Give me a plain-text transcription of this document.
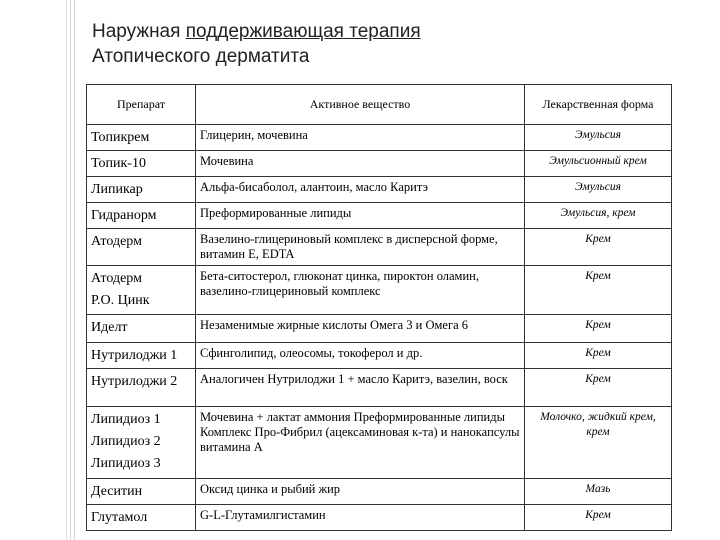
Наружная поддерживающая терапия
Атопического дерматита
Препарат	Активное вещество	Лекарственная форма

Топикрем	Глицерин, мочевина	Эмульсия

Топик-10	Мочевина	Эмульсионный крем

Липикар	Альфа-бисаболол, алантоин, масло Каритэ	Эмульсия

Гидранорм	Преформированные липиды	Эмульсия, крем

Атодерм	Вазелино-глицериновый комплекс в дисперсной форме, витамин E, EDTA	Крем

Атодерм
Р.О. Цинк	Бета-ситостерол, глюконат цинка, пироктон оламин, вазелино-глицериновый комплекс	Крем

Иделт	Незаменимые жирные кислоты Омега 3 и Омега 6	Крем

Нутрилоджи 1	Сфинголипид, олеосомы, токоферол и др.	Крем

Нутрилоджи 2	Аналогичен Нутрилоджи 1 + масло Каритэ, вазелин, воск	Крем

Липидиоз 1
Липидиоз 2
Липидиоз 3	Мочевина + лактат аммония Преформированные липиды Комплекс Про-Фибрил (ацексаминовая к-та) и нанокапсулы витамина А	Молочко, жидкий крем, крем

Деситин	Оксид цинка и рыбий жир	Мазь

Глутамол	G-L-Глутамилгистамин	Крем
